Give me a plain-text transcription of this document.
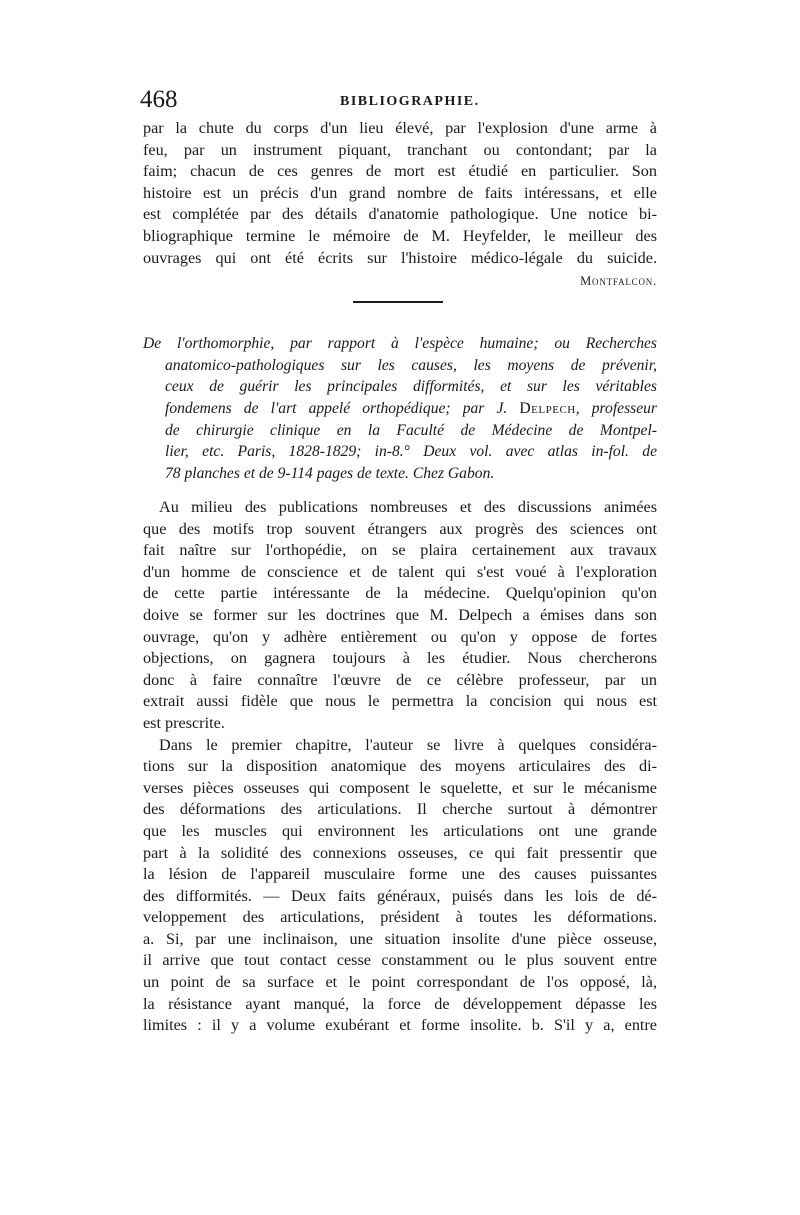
468	BIBLIOGRAPHIE.
par la chute du corps d'un lieu élevé, par l'explosion d'une arme à
feu, par un instrument piquant, tranchant ou contondant; par la
faim; chacun de ces genres de mort est étudié en particulier. Son
histoire est un précis d'un grand nombre de faits intéressans, et elle
est complétée par des détails d'anatomie pathologique. Une notice bi-
bliographique termine le mémoire de M. Heyfelder, le meilleur des
ouvrages qui ont été écrits sur l'histoire médico-légale du suicide.
Montfalcon.
De l'orthomorphie, par rapport à l'espèce humaine; ou Recherches
anatomico-pathologiques sur les causes, les moyens de prévenir,
ceux de guérir les principales difformités, et sur les véritables
fondemens de l'art appelé orthopédique; par J. Delpech, professeur
de chirurgie clinique en la Faculté de Médecine de Montpel-
lier, etc. Paris, 1828-1829; in-8.° Deux vol. avec atlas in-fol. de
78 planches et de 9-114 pages de texte. Chez Gabon.
Au milieu des publications nombreuses et des discussions animées
que des motifs trop souvent étrangers aux progrès des sciences ont
fait naître sur l'orthopédie, on se plaira certainement aux travaux
d'un homme de conscience et de talent qui s'est voué à l'exploration
de cette partie intéressante de la médecine. Quelqu'opinion qu'on
doive se former sur les doctrines que M. Delpech a émises dans son
ouvrage, qu'on y adhère entièrement ou qu'on y oppose de fortes
objections, on gagnera toujours à les étudier. Nous chercherons
donc à faire connaître l'œuvre de ce célèbre professeur, par un
extrait aussi fidèle que nous le permettra la concision qui nous est
est prescrite.
Dans le premier chapitre, l'auteur se livre à quelques considéra-
tions sur la disposition anatomique des moyens articulaires des di-
verses pièces osseuses qui composent le squelette, et sur le mécanisme
des déformations des articulations. Il cherche surtout à démontrer
que les muscles qui environnent les articulations ont une grande
part à la solidité des connexions osseuses, ce qui fait pressentir que
la lésion de l'appareil musculaire forme une des causes puissantes
des difformités. — Deux faits généraux, puisés dans les lois de dé-
veloppement des articulations, président à toutes les déformations.
a. Si, par une inclinaison, une situation insolite d'une pièce osseuse,
il arrive que tout contact cesse constamment ou le plus souvent entre
un point de sa surface et le point correspondant de l'os opposé, là,
la résistance ayant manqué, la force de développement dépasse les
limites : il y a volume exubérant et forme insolite. b. S'il y a, entre
